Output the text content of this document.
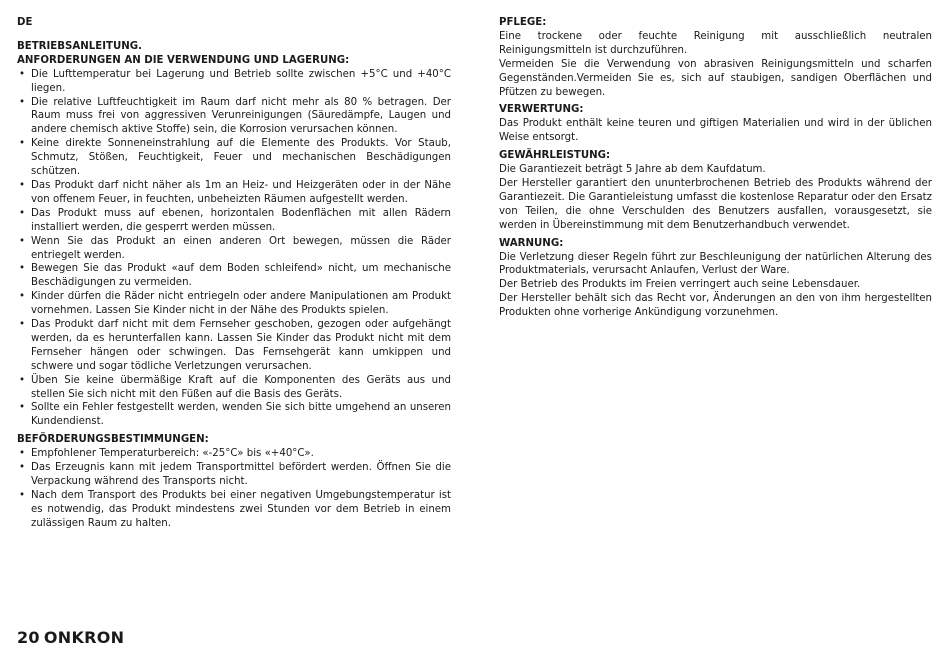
DE
BETRIEBSANLEITUNG.
ANFORDERUNGEN AN DIE VERWENDUNG UND LAGERUNG:
• Die Lufttemperatur bei Lagerung und Betrieb sollte zwischen +5°C und +40°C liegen.
• Die relative Luftfeuchtigkeit im Raum darf nicht mehr als 80 % betragen. Der Raum muss frei von aggressiven Verunreinigungen (Säuredämpfe, Laugen und andere chemisch aktive Stoffe) sein, die Korrosion verursachen können.
• Keine direkte Sonneneinstrahlung auf die Elemente des Produkts. Vor Staub, Schmutz, Stößen, Feuchtigkeit, Feuer und mechanischen Beschädigungen schützen.
• Das Produkt darf nicht näher als 1m an Heiz- und Heizgeräten oder in der Nähe von offenem Feuer, in feuchten, unbeheizten Räumen aufgestellt werden.
• Das Produkt muss auf ebenen, horizontalen Bodenflächen mit allen Rädern installiert werden, die gesperrt werden müssen.
• Wenn Sie das Produkt an einen anderen Ort bewegen, müssen die Räder entriegelt werden.
• Bewegen Sie das Produkt «auf dem Boden schleifend» nicht, um mechanische Beschädigungen zu vermeiden.
• Kinder dürfen die Räder nicht entriegeln oder andere Manipulationen am Produkt vornehmen. Lassen Sie Kinder nicht in der Nähe des Produkts spielen.
• Das Produkt darf nicht mit dem Fernseher geschoben, gezogen oder aufgehängt werden, da es herunterfallen kann. Lassen Sie Kinder das Produkt nicht mit dem Fernseher hängen oder schwingen. Das Fernsehgerät kann umkippen und schwere und sogar tödliche Verletzungen verursachen.
• Üben Sie keine übermäßige Kraft auf die Komponenten des Geräts aus und stellen Sie sich nicht mit den Füßen auf die Basis des Geräts.
• Sollte ein Fehler festgestellt werden, wenden Sie sich bitte umgehend an unseren Kundendienst.
BEFÖRDERUNGSBESTIMMUNGEN:
• Empfohlener Temperaturbereich: «-25°C» bis «+40°C».
• Das Erzeugnis kann mit jedem Transportmittel befördert werden. Öffnen Sie die Verpackung während des Transports nicht.
• Nach dem Transport des Produkts bei einer negativen Umgebungstemperatur ist es notwendig, das Produkt mindestens zwei Stunden vor dem Betrieb in einem zulässigen Raum zu halten.
PFLEGE:

Eine trockene oder feuchte Reinigung mit ausschließlich neutralen Reinigungsmitteln ist durchzuführen.

Vermeiden Sie die Verwendung von abrasiven Reinigungsmitteln und scharfen Gegenständen.Vermeiden Sie es, sich auf staubigen, sandigen Oberflächen und Pfützen zu bewegen.

VERWERTUNG:

Das Produkt enthält keine teuren und giftigen Materialien und wird in der üblichen Weise entsorgt.

GEWÄHRLEISTUNG:

Die Garantiezeit beträgt 5 Jahre ab dem Kaufdatum.

Der Hersteller garantiert den ununterbrochenen Betrieb des Produkts während der Garantiezeit. Die Garantieleistung umfasst die kostenlose Reparatur oder den Ersatz von Teilen, die ohne Verschulden des Benutzers ausfallen, vorausgesetzt, sie werden in Übereinstimmung mit dem Benutzerhandbuch verwendet.

WARNUNG:

Die Verletzung dieser Regeln führt zur Beschleunigung der natürlichen Alterung des Produktmaterials, verursacht Anlaufen, Verlust der Ware.

Der Betrieb des Produkts im Freien verringert auch seine Lebensdauer.

Der Hersteller behält sich das Recht vor, Änderungen an den von ihm hergestellten Produkten ohne vorherige Ankündigung vorzunehmen.

20 ONKRON
